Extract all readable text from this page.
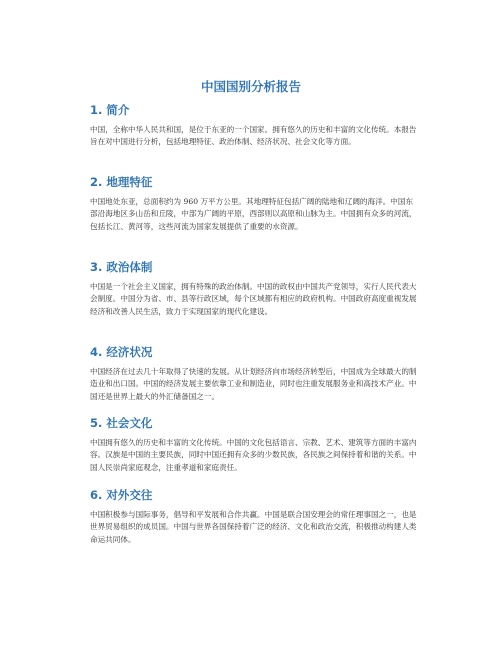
中国国别分析报告
1. 简介

中国，全称中华人民共和国，是位于东亚的一个国家。拥有悠久的历史和丰富的文化传统。本报告旨在对中国进行分析，包括地理特征、政治体制、经济状况、社会文化等方面。

2. 地理特征

中国地处东亚，总面积约为 960 万平方公里。其地理特征包括广阔的陆地和辽阔的海洋。中国东部沿海地区多山岳和丘陵，中部为广阔的平原，西部则以高原和山脉为主。中国拥有众多的河流，包括长江、黄河等，这些河流为国家发展提供了重要的水资源。

3. 政治体制

中国是一个社会主义国家，拥有特殊的政治体制。中国的政权由中国共产党领导，实行人民代表大会制度。中国分为省、市、县等行政区域，每个区域都有相应的政府机构。中国政府高度重视发展经济和改善人民生活，致力于实现国家的现代化建设。

4. 经济状况

中国经济在过去几十年取得了快速的发展。从计划经济向市场经济转型后，中国成为全球最大的制造业和出口国。中国的经济发展主要依靠工业和制造业，同时也注重发展服务业和高技术产业。中国还是世界上最大的外汇储备国之一。

5. 社会文化

中国拥有悠久的历史和丰富的文化传统。中国的文化包括语言、宗教、艺术、建筑等方面的丰富内容。汉族是中国的主要民族，同时中国还拥有众多的少数民族，各民族之间保持着和谐的关系。中国人民崇尚家庭观念，注重孝道和家庭责任。

6. 对外交往

中国积极参与国际事务，倡导和平发展和合作共赢。中国是联合国安理会的常任理事国之一，也是世界贸易组织的成员国。中国与世界各国保持着广泛的经济、文化和政治交流，积极推动构建人类命运共同体。
